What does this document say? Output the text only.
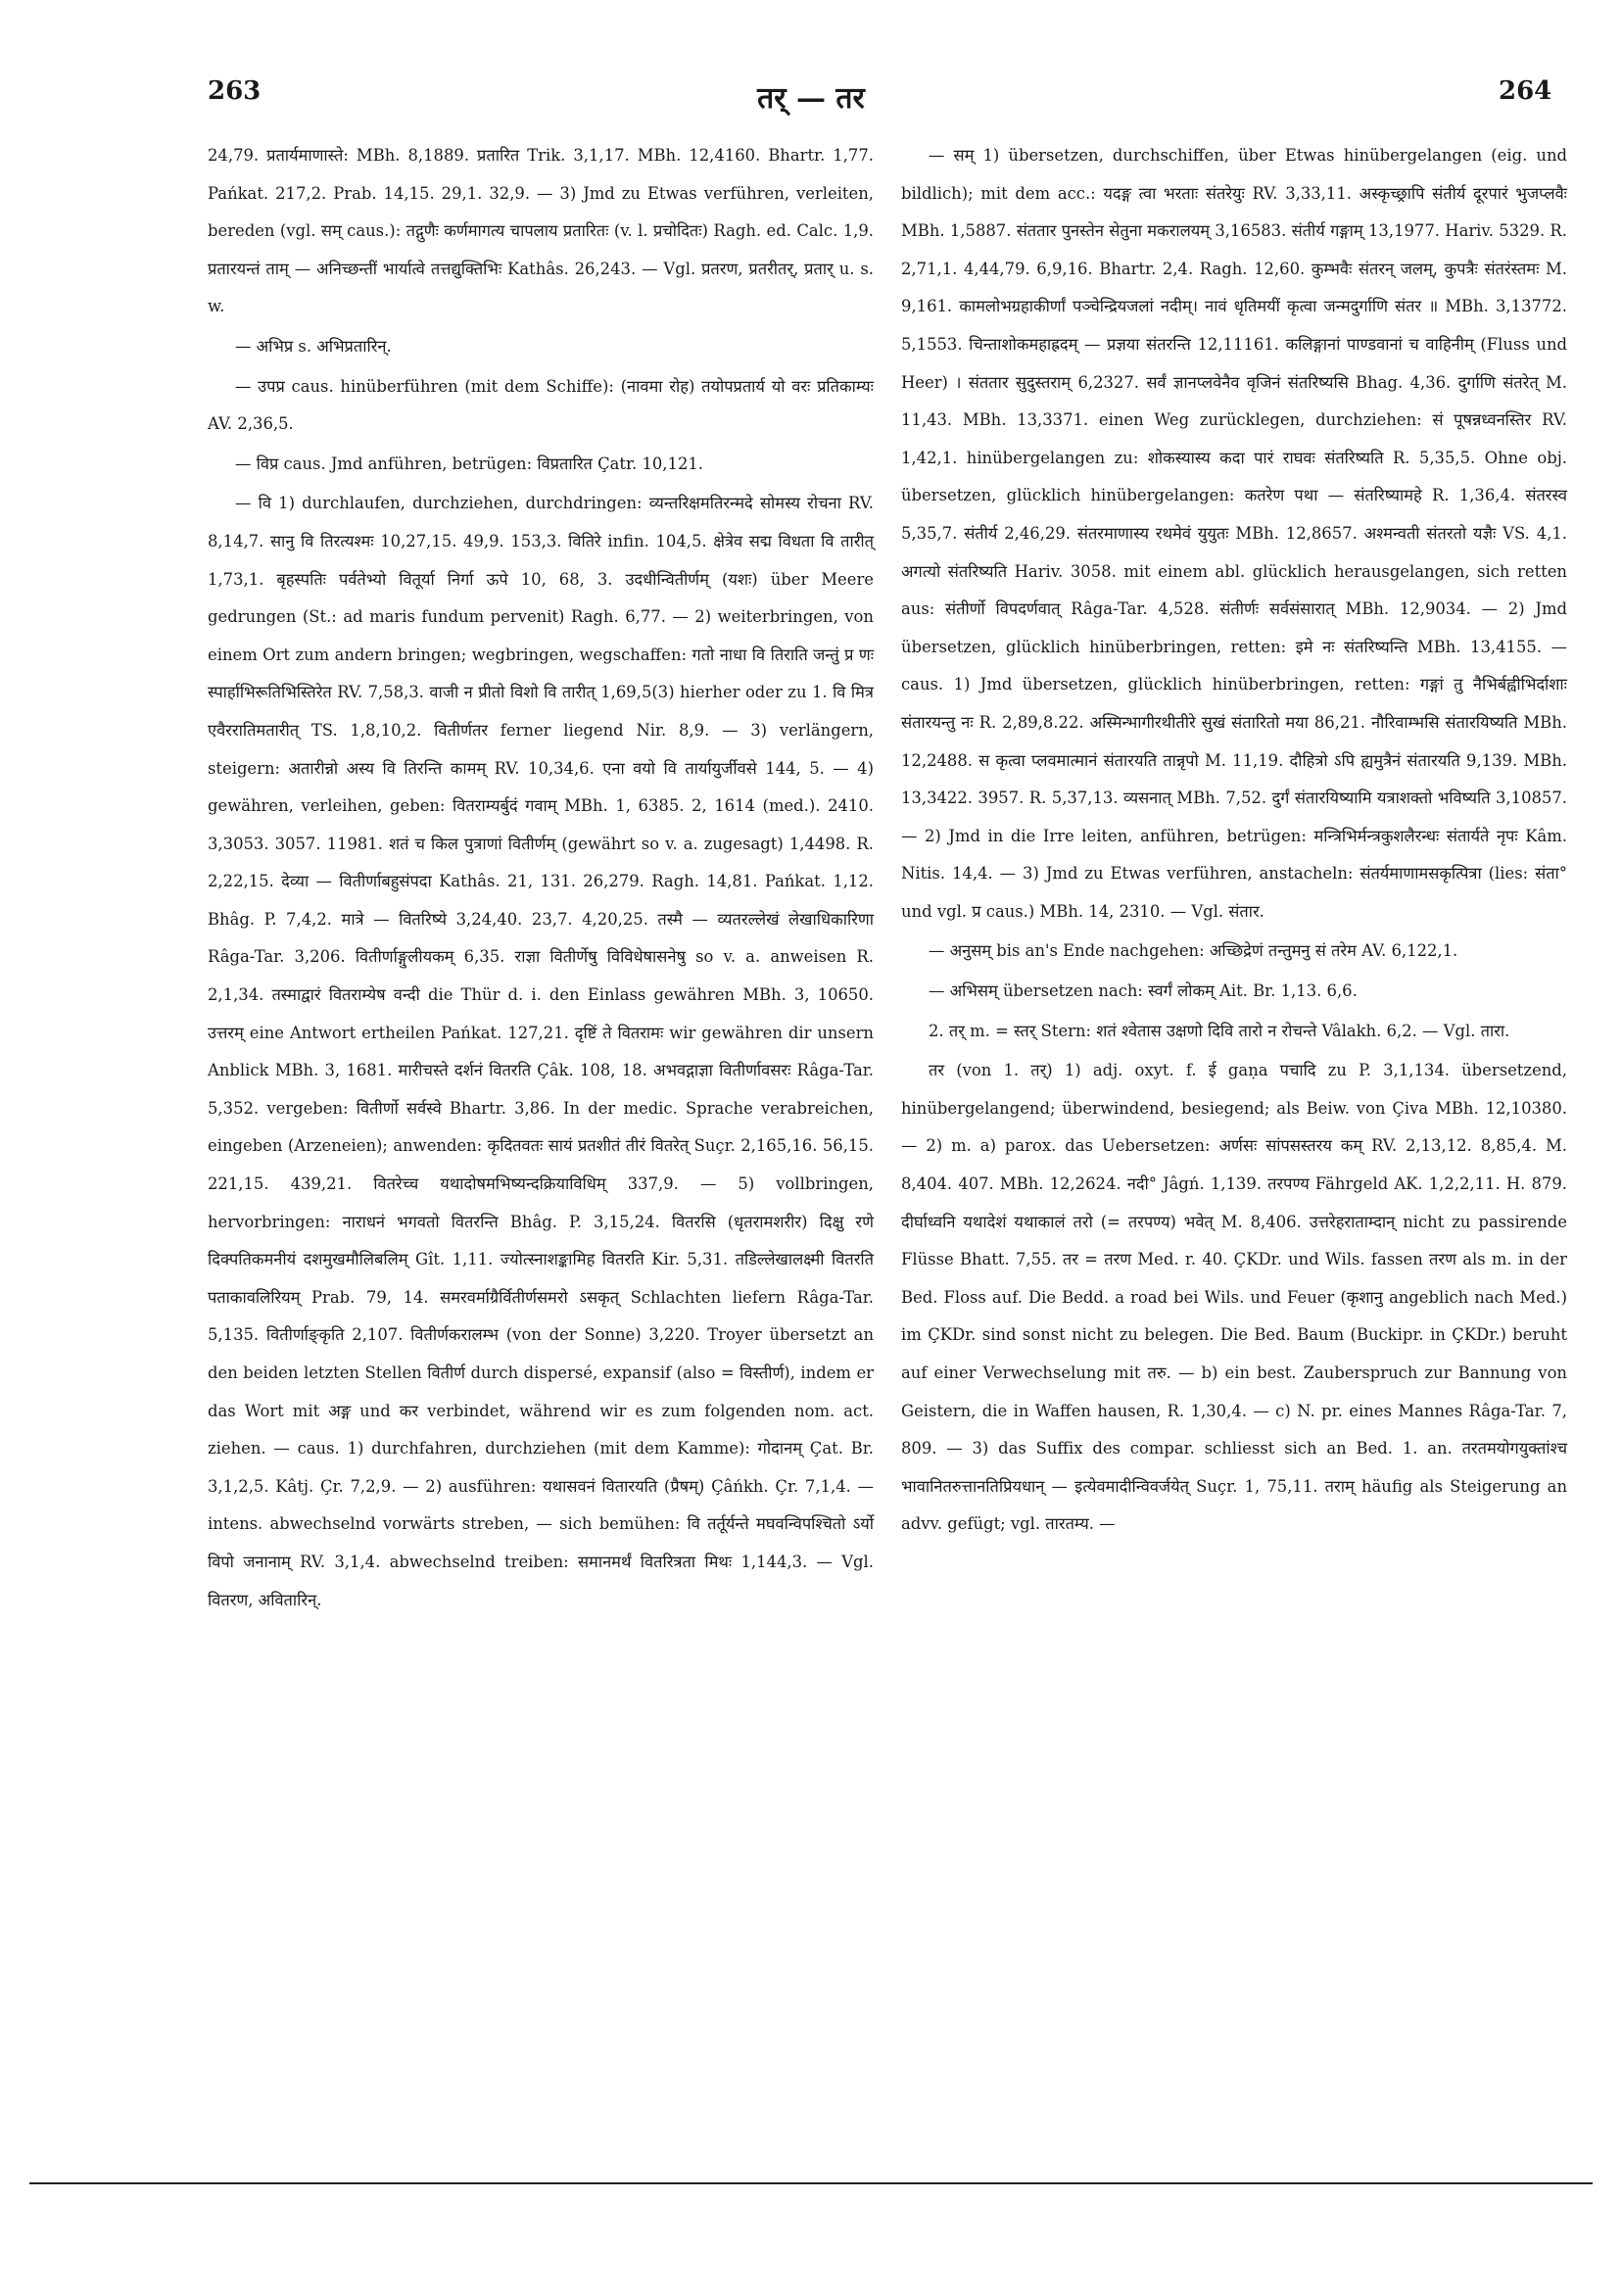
263	तर् — तर	264

24,79. प्रतार्यमाणास्ते: MBh. 8,1889. प्रतारित Trik. 3,1,17. MBh. 12,4160. Bhartr. 1,77. Pańkat. 217,2. Prab. 14,15. 29,1. 32,9. — 3) Jmd zu Etwas verführen, verleiten, bereden (vgl. सम् caus.): तद्गुणैः कर्णमागत्य चापलाय प्रतारितः (v. l. प्रचोदितः) Ragh. ed. Calc. 1,9. प्रतारयन्तं ताम् — अनिच्छन्तीं भार्यात्वे तत्तद्युक्तिभिः Kathâs. 26,243. — Vgl. प्रतरण, प्रतरीतर्, प्रतार् u. s. w.

— अभिप्र s. अभिप्रतारिन्.

— उपप्र caus. hinüberführen (mit dem Schiffe): (नावमा रोह) तयोपप्रतार्य यो वरः प्रतिकाम्यः AV. 2,36,5.

— विप्र caus. Jmd anführen, betrügen: विप्रतारित Çatr. 10,121.

— वि 1) durchlaufen, durchziehen, durchdringen: व्यन्तरिक्षमतिरन्मदे सोमस्य रोचना RV. 8,14,7. सानु वि तिरत्यश्मः 10,27,15. 49,9. 153,3. वितिरे infin. 104,5. क्षेत्रेव सद्म विधता वि तारीत् 1,73,1. बृहस्पतिः पर्वतेभ्यो वितूर्या निर्गा ऊपे 10, 68, 3. उदधीन्वितीर्णम् (यशः) über Meere gedrungen (St.: ad maris fundum pervenit) Ragh. 6,77. — 2) weiterbringen, von einem Ort zum andern bringen; wegbringen, wegschaffen: गतो नाधा वि तिराति जन्तुं प्र णः स्पार्हाभिरूतिभिस्तिरेत RV. 7,58,3. वाजी न प्रीतो विशो वि तारीत् 1,69,5(3) hierher oder zu 1. वि मित्र एवैररातिमतारीत् TS. 1,8,10,2. वितीर्णतर ferner liegend Nir. 8,9. — 3) verlängern, steigern: अतारीन्नो अस्य वि तिरन्ति कामम् RV. 10,34,6. एना वयो वि तार्यायुर्जीवसे 144, 5. — 4) gewähren, verleihen, geben: वितराम्यर्बुदं गवाम् MBh. 1, 6385. 2, 1614 (med.). 2410. 3,3053. 3057. 11981. शतं च किल पुत्राणां वितीर्णम् (gewährt so v. a. zugesagt) 1,4498. R. 2,22,15. देव्या — वितीर्णाबहुसंपदा Kathâs. 21, 131. 26,279. Ragh. 14,81. Pańkat. 1,12. Bhâg. P. 7,4,2. मात्रे — वितरिष्ये 3,24,40. 23,7. 4,20,25. तस्मै — व्यतरल्लेखं लेखाधिकारिणा Râga-Tar. 3,206. वितीर्णाङ्गुलीयकम् 6,35. राज्ञा वितीर्णेषु विविधेषासनेषु so v. a. anweisen R. 2,1,34. तस्माद्वारं वितराम्येष वन्दी die Thür d. i. den Einlass gewähren MBh. 3, 10650. उत्तरम् eine Antwort ertheilen Pańkat. 127,21. दृष्टिं ते वितरामः wir gewähren dir unsern Anblick MBh. 3, 1681. मारीचस्ते दर्शनं वितरति Çâk. 108, 18. अभवद्गाज्ञा वितीर्णावसरः Râga-Tar. 5,352. vergeben: वितीर्णो सर्वस्वे Bhartr. 3,86. In der medic. Sprache verabreichen, eingeben (Arzeneien); anwenden: कृदितवतः सायं प्रतशीतं तीरं वितरेत् Suçr. 2,165,16. 56,15. 221,15. 439,21. वितरेच्च यथादोषमभिष्यन्दक्रियाविधिम् 337,9. — 5) vollbringen, hervorbringen: नाराधनं भगवतो वितरन्ति Bhâg. P. 3,15,24. वितरसि (धृतरामशरीर) दिक्षु रणे दिक्पतिकमनीयं दशमुखमौलिबलिम् Gît. 1,11. ज्योत्स्नाशङ्कामिह वितरति Kir. 5,31. तडिल्लेखालक्ष्मी वितरति पताकावलिरियम् Prab. 79, 14. समरवर्माग्रैर्वितीर्णसमरो ऽसकृत् Schlachten liefern Râga-Tar. 5,135. वितीर्णाङ्कृति 2,107. वितीर्णकरालम्भ (von der Sonne) 3,220. Troyer übersetzt an den beiden letzten Stellen वितीर्ण durch dispersé, expansif (also = विस्तीर्ण), indem er das Wort mit अङ्ग und कर verbindet, während wir es zum folgenden nom. act. ziehen. — caus. 1) durchfahren, durchziehen (mit dem Kamme): गोदानम् Çat. Br. 3,1,2,5. Kâtj. Çr. 7,2,9. — 2) ausführen: यथासवनं वितारयति (प्रैषम्) Çâńkh. Çr. 7,1,4. — intens. abwechselnd vorwärts streben, — sich bemühen: वि तर्तूर्यन्ते मघवन्विपश्चितो ऽर्यो विपो जनानाम् RV. 3,1,4. abwechselnd treiben: समानमर्थं वितरित्रता मिथः 1,144,3. — Vgl. वितरण, अवितारिन्.

— सम् 1) übersetzen, durchschiffen, über Etwas hinübergelangen (eig. und bildlich); mit dem acc.: यदङ्ग त्वा भरताः संतरेयुः RV. 3,33,11. अस्कृच्छ्रापि संतीर्य दूरपारं भुजप्लवैः MBh. 1,5887. संततार पुनस्तेन सेतुना मकरालयम् 3,16583. संतीर्य गङ्गाम् 13,1977. Hariv. 5329. R. 2,71,1. 4,44,79. 6,9,16. Bhartr. 2,4. Ragh. 12,60. कुम्भवैः संतरन् जलम्, कुपत्रैः संतरंस्तमः M. 9,161. कामलोभग्रहाकीर्णां पञ्चेन्द्रियजलां नदीम्। नावं धृतिमयीं कृत्वा जन्मदुर्गाणि संतर ॥ MBh. 3,13772. 5,1553. चिन्ताशोकमहाह्रदम् — प्रज्ञया संतरन्ति 12,11161. कलिङ्गानां पाण्डवानां च वाहिनीम् (Fluss und Heer) । संततार सुदुस्तराम् 6,2327. सर्वं ज्ञानप्लवेनैव वृजिनं संतरिष्यसि Bhag. 4,36. दुर्गाणि संतरेत् M. 11,43. MBh. 13,3371. einen Weg zurücklegen, durchziehen: सं पूषन्नध्वनस्तिर RV. 1,42,1. hinübergelangen zu: शोकस्यास्य कदा पारं राघवः संतरिष्यति R. 5,35,5. Ohne obj. übersetzen, glücklich hinübergelangen: कतरेण पथा — संतरिष्यामहे R. 1,36,4. संतरस्व 5,35,7. संतीर्य 2,46,29. संतरमाणास्य रथमेवं युयुतः MBh. 12,8657. अश्मन्वती संतरतो यज्ञैः VS. 4,1. अगत्यो संतरिष्यति Hariv. 3058. mit einem abl. glücklich herausgelangen, sich retten aus: संतीर्णो विपदर्णवात् Râga-Tar. 4,528. संतीर्णः सर्वसंसारात् MBh. 12,9034. — 2) Jmd übersetzen, glücklich hinüberbringen, retten: इमे नः संतरिष्यन्ति MBh. 13,4155. — caus. 1) Jmd übersetzen, glücklich hinüberbringen, retten: गङ्गां तु नैभिर्बह्वीभिर्दाशाः संतारयन्तु नः R. 2,89,8.22. अस्मिन्भागीरथीतीरे सुखं संतारितो मया 86,21. नौरिवाम्भसि संतारयिष्यति MBh. 12,2488. स कृत्वा प्लवमात्मानं संतारयति तान्नृपो M. 11,19. दौहित्रो ऽपि ह्यमुत्रैनं संतारयति 9,139. MBh. 13,3422. 3957. R. 5,37,13. व्यसनात् MBh. 7,52. दुर्गं संतारयिष्यामि यत्राशक्तो भविष्यति 3,10857. — 2) Jmd in die Irre leiten, anführen, betrügen: मन्त्रिभिर्मन्त्रकुशलैरन्धः संतार्यते नृपः Kâm. Nitis. 14,4. — 3) Jmd zu Etwas verführen, anstacheln: संतर्यमाणामसकृत्पित्रा (lies: संता° und vgl. प्र caus.) MBh. 14, 2310. — Vgl. संतार.

— अनुसम् bis an's Ende nachgehen: अच्छिद्रेणं तन्तुमनु सं तरेम AV. 6,122,1.

— अभिसम् übersetzen nach: स्वर्गं लोकम् Ait. Br. 1,13. 6,6.

2. तर् m. = स्तर् Stern: शतं श्वेतास उक्षणो दिवि तारो न रोचन्ते Vâlakh. 6,2. — Vgl. तारा.

तर (von 1. तर्) 1) adj. oxyt. f. ई gaṇa पचादि zu P. 3,1,134. übersetzend, hinübergelangend; überwindend, besiegend; als Beiw. von Çiva MBh. 12,10380. — 2) m. a) parox. das Uebersetzen: अर्णसः सांपसस्तरय कम् RV. 2,13,12. 8,85,4. M. 8,404. 407. MBh. 12,2624. नदी° Jâgń. 1,139. तरपण्य Fährgeld AK. 1,2,2,11. H. 879. दीर्घाध्वनि यथादेशं यथाकालं तरो (= तरपण्य) भवेत् M. 8,406. उत्तरेहराताम्दान् nicht zu passirende Flüsse Bhatt. 7,55. तर = तरण Med. r. 40. ÇKDr. und Wils. fassen तरण als m. in der Bed. Floss auf. Die Bedd. a road bei Wils. und Feuer (कृशानु angeblich nach Med.) im ÇKDr. sind sonst nicht zu belegen. Die Bed. Baum (Buckipr. in ÇKDr.) beruht auf einer Verwechselung mit तरु. — b) ein best. Zauberspruch zur Bannung von Geistern, die in Waffen hausen, R. 1,30,4. — c) N. pr. eines Mannes Râga-Tar. 7, 809. — 3) das Suffix des compar. schliesst sich an Bed. 1. an. तरतमयोगयुक्तांश्च भावानितरुत्तानतिप्रियधान् — इत्येवमादीन्विवर्जयेत् Suçr. 1, 75,11. तराम् häufig als Steigerung an advv. gefügt; vgl. तारतम्य. —
